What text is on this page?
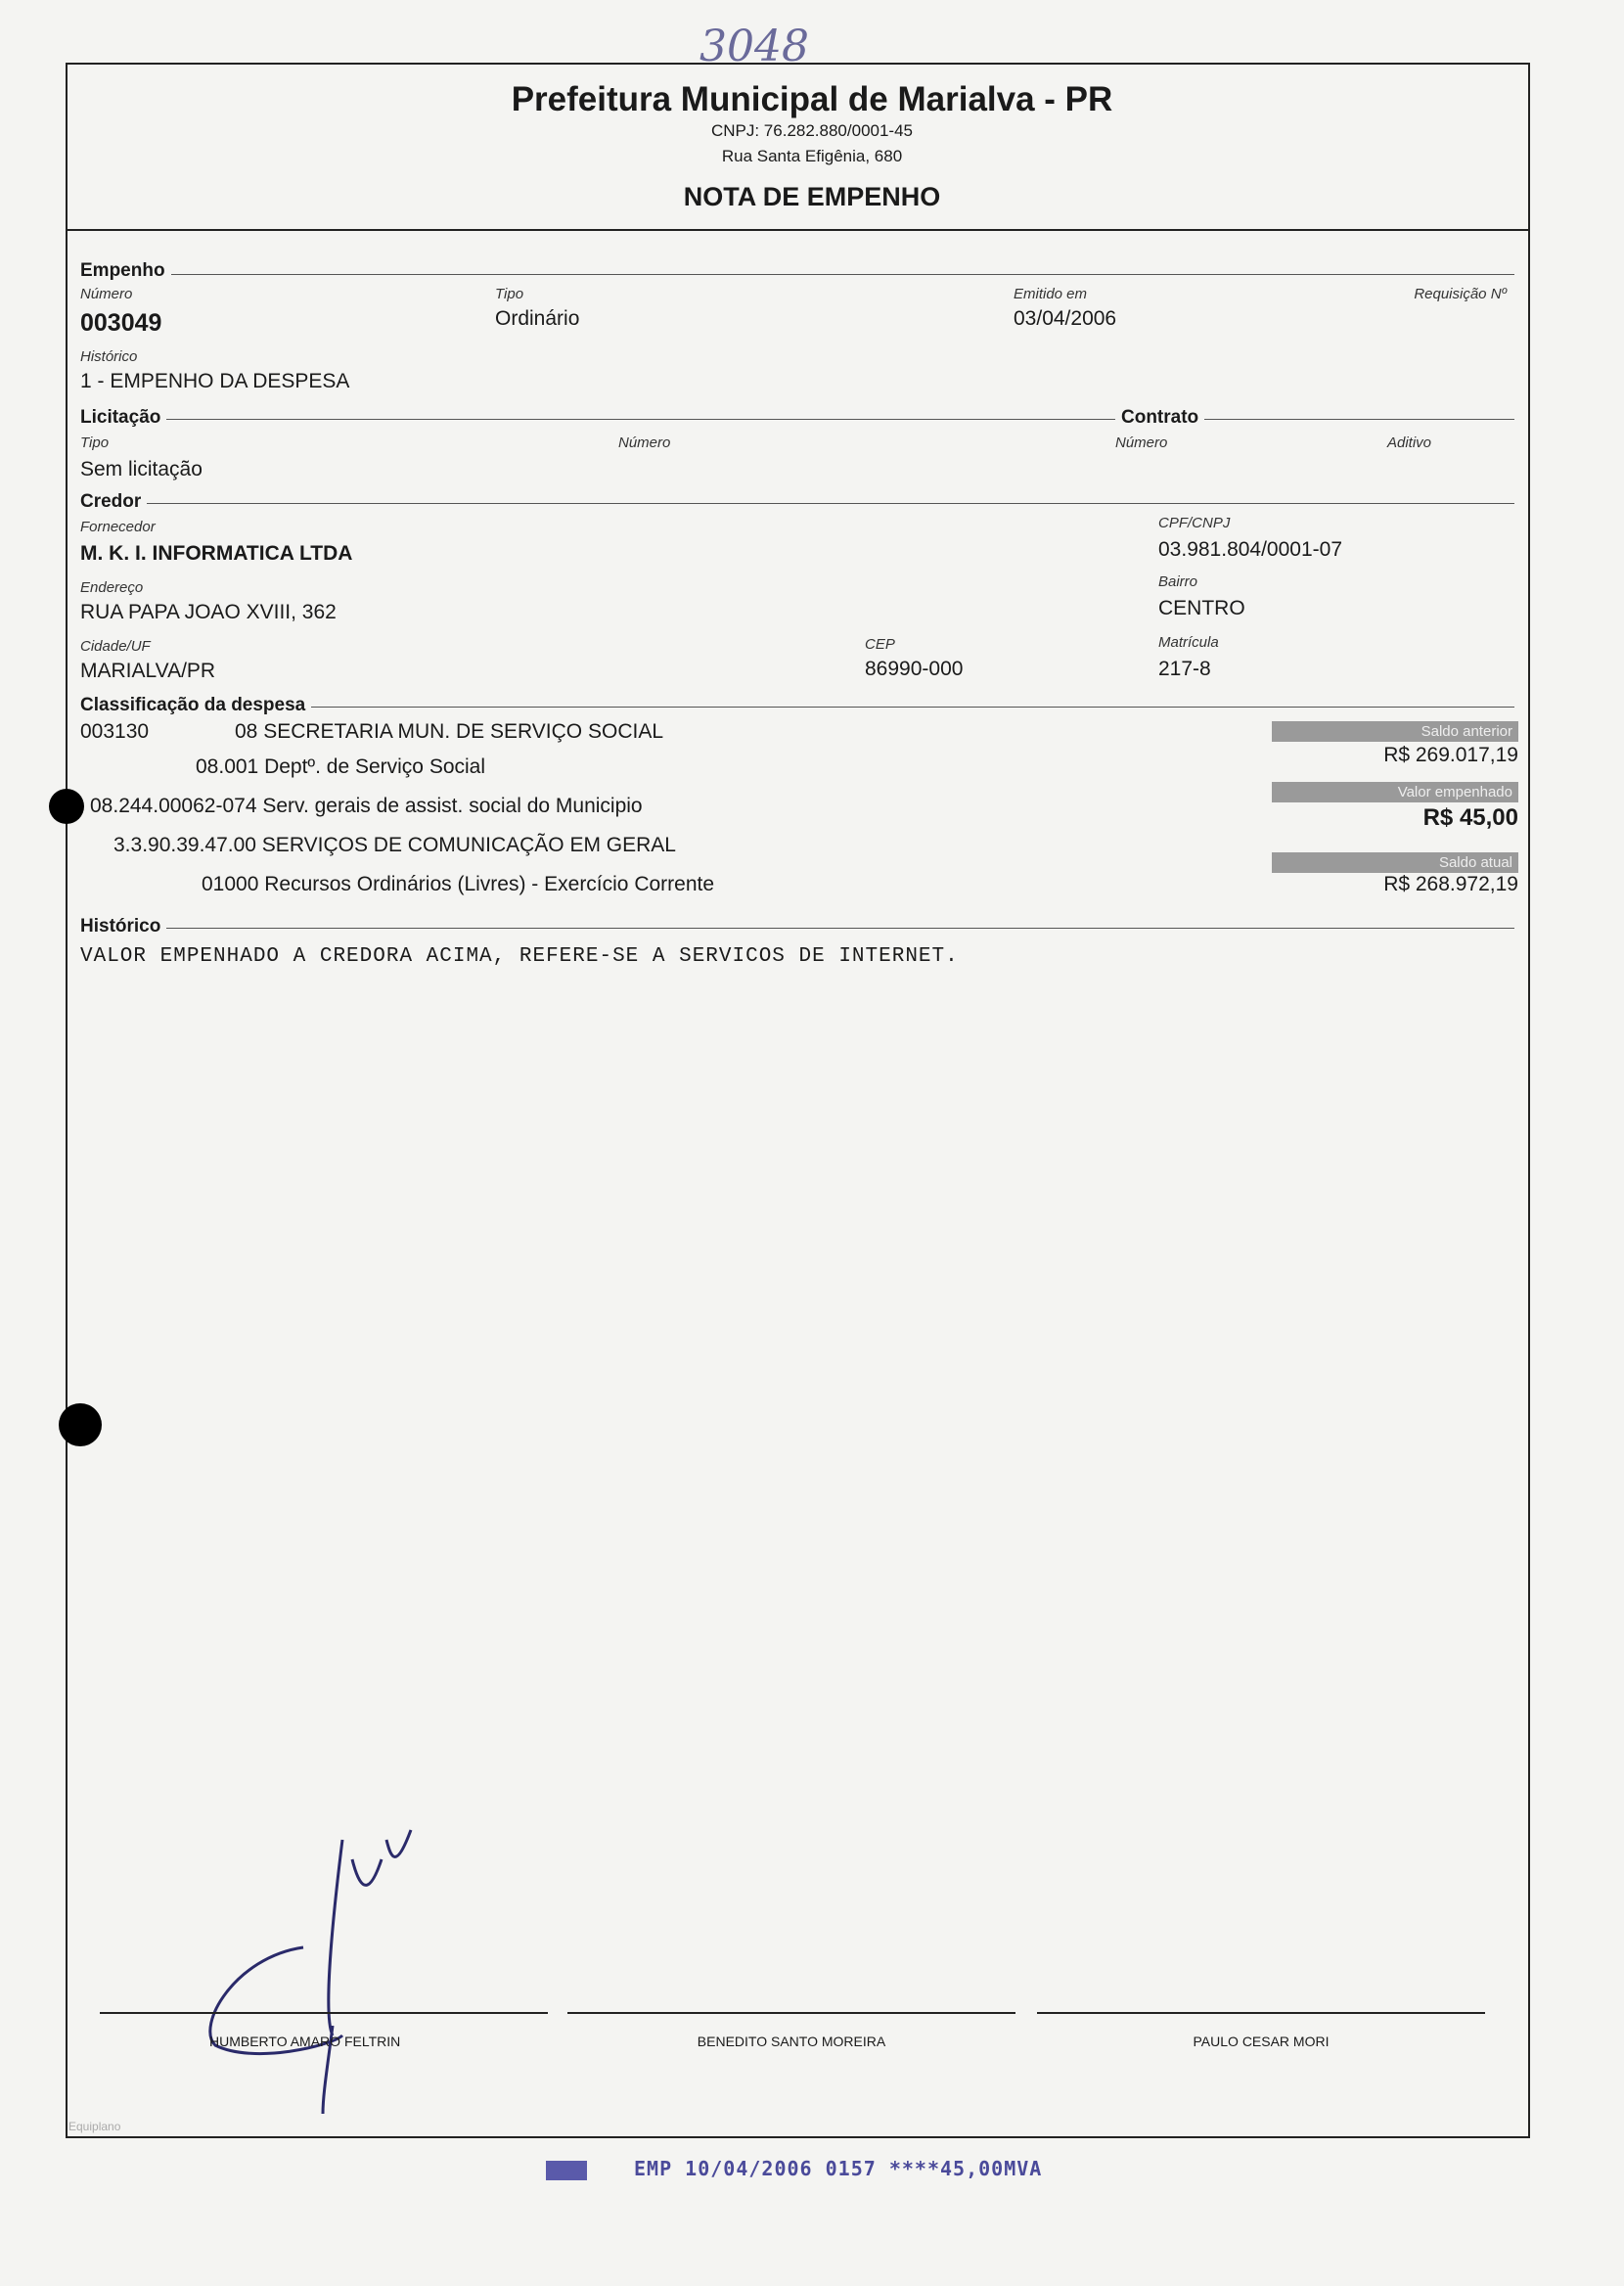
3048
Prefeitura Municipal de Marialva - PR
CNPJ: 76.282.880/0001-45
Rua Santa Efigênia, 680
NOTA DE EMPENHO
Empenho
Número
003049
Tipo
Ordinário
Emitido em
03/04/2006
Requisição Nº
Histórico
1 - EMPENHO DA DESPESA
Licitação	Contrato
Tipo
Sem licitação
Número	Número	Aditivo
Credor
Fornecedor
M. K. I. INFORMATICA LTDA
CPF/CNPJ
03.981.804/0001-07
Endereço
RUA PAPA JOAO XVIII, 362
Bairro
CENTRO
Cidade/UF
MARIALVA/PR
CEP
86990-000
Matrícula
217-8
Classificação da despesa
003130	08 SECRETARIA MUN. DE SERVIÇO SOCIAL
08.001 Deptº. de Serviço Social
08.244.00062-074 Serv. gerais de assist. social do Municipio
3.3.90.39.47.00 SERVIÇOS DE COMUNICAÇÃO EM GERAL
01000 Recursos Ordinários (Livres) - Exercício Corrente
Saldo anterior
R$ 269.017,19
Valor empenhado
R$ 45,00
Saldo atual
R$ 268.972,19
Histórico
VALOR EMPENHADO A CREDORA ACIMA, REFERE-SE A SERVICOS DE INTERNET.
HUMBERTO AMARO FELTRIN	BENEDITO SANTO MOREIRA	PAULO CESAR MORI
Equiplano
EMP 10/04/2006 0157 ****45,00MVA
